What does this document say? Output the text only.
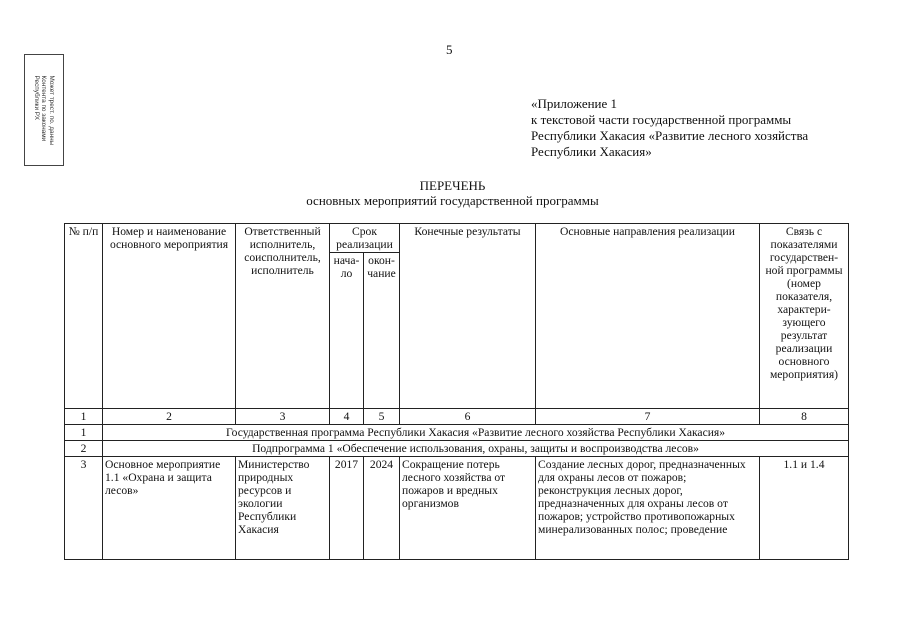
5
Может трест. по. данны
Контента по законами
Республики РХ	«Приложение 1
к текстовой части государственной программы
Республики Хакасия «Развитие лесного хозяйства
Республики Хакасия»
ПЕРЕЧЕНЬ
основных мероприятий государственной программы
№ п/п	Номер и наименование основного мероприятия	Ответственный исполнитель, соисполнитель, исполнитель	Срок реализации		Конечные результаты	Основные направления реализации	Связь с показателями государствен-ной программы (номер показателя, характери-зующего результат реализации основного мероприятия)
			нача-ло	окон-чание			
1	2	3	4	5	6	7	8
1	Государственная программа Республики Хакасия «Развитие лесного хозяйства Республики Хакасия»						
2	Подпрограмма 1 «Обеспечение использования, охраны, защиты и воспроизводства лесов»						
3	Основное мероприятие 1.1 «Охрана и защита лесов»	Министерство природных ресурсов и экологии Республики Хакасия	2017	2024	Сокращение потерь лесного хозяйства от пожаров и вредных организмов	Создание лесных дорог, предназначенных для охраны лесов от пожаров; реконструкция лесных дорог, предназначенных для охраны лесов от пожаров; устройство противопожарных минерализованных полос; проведение	1.1 и 1.4
